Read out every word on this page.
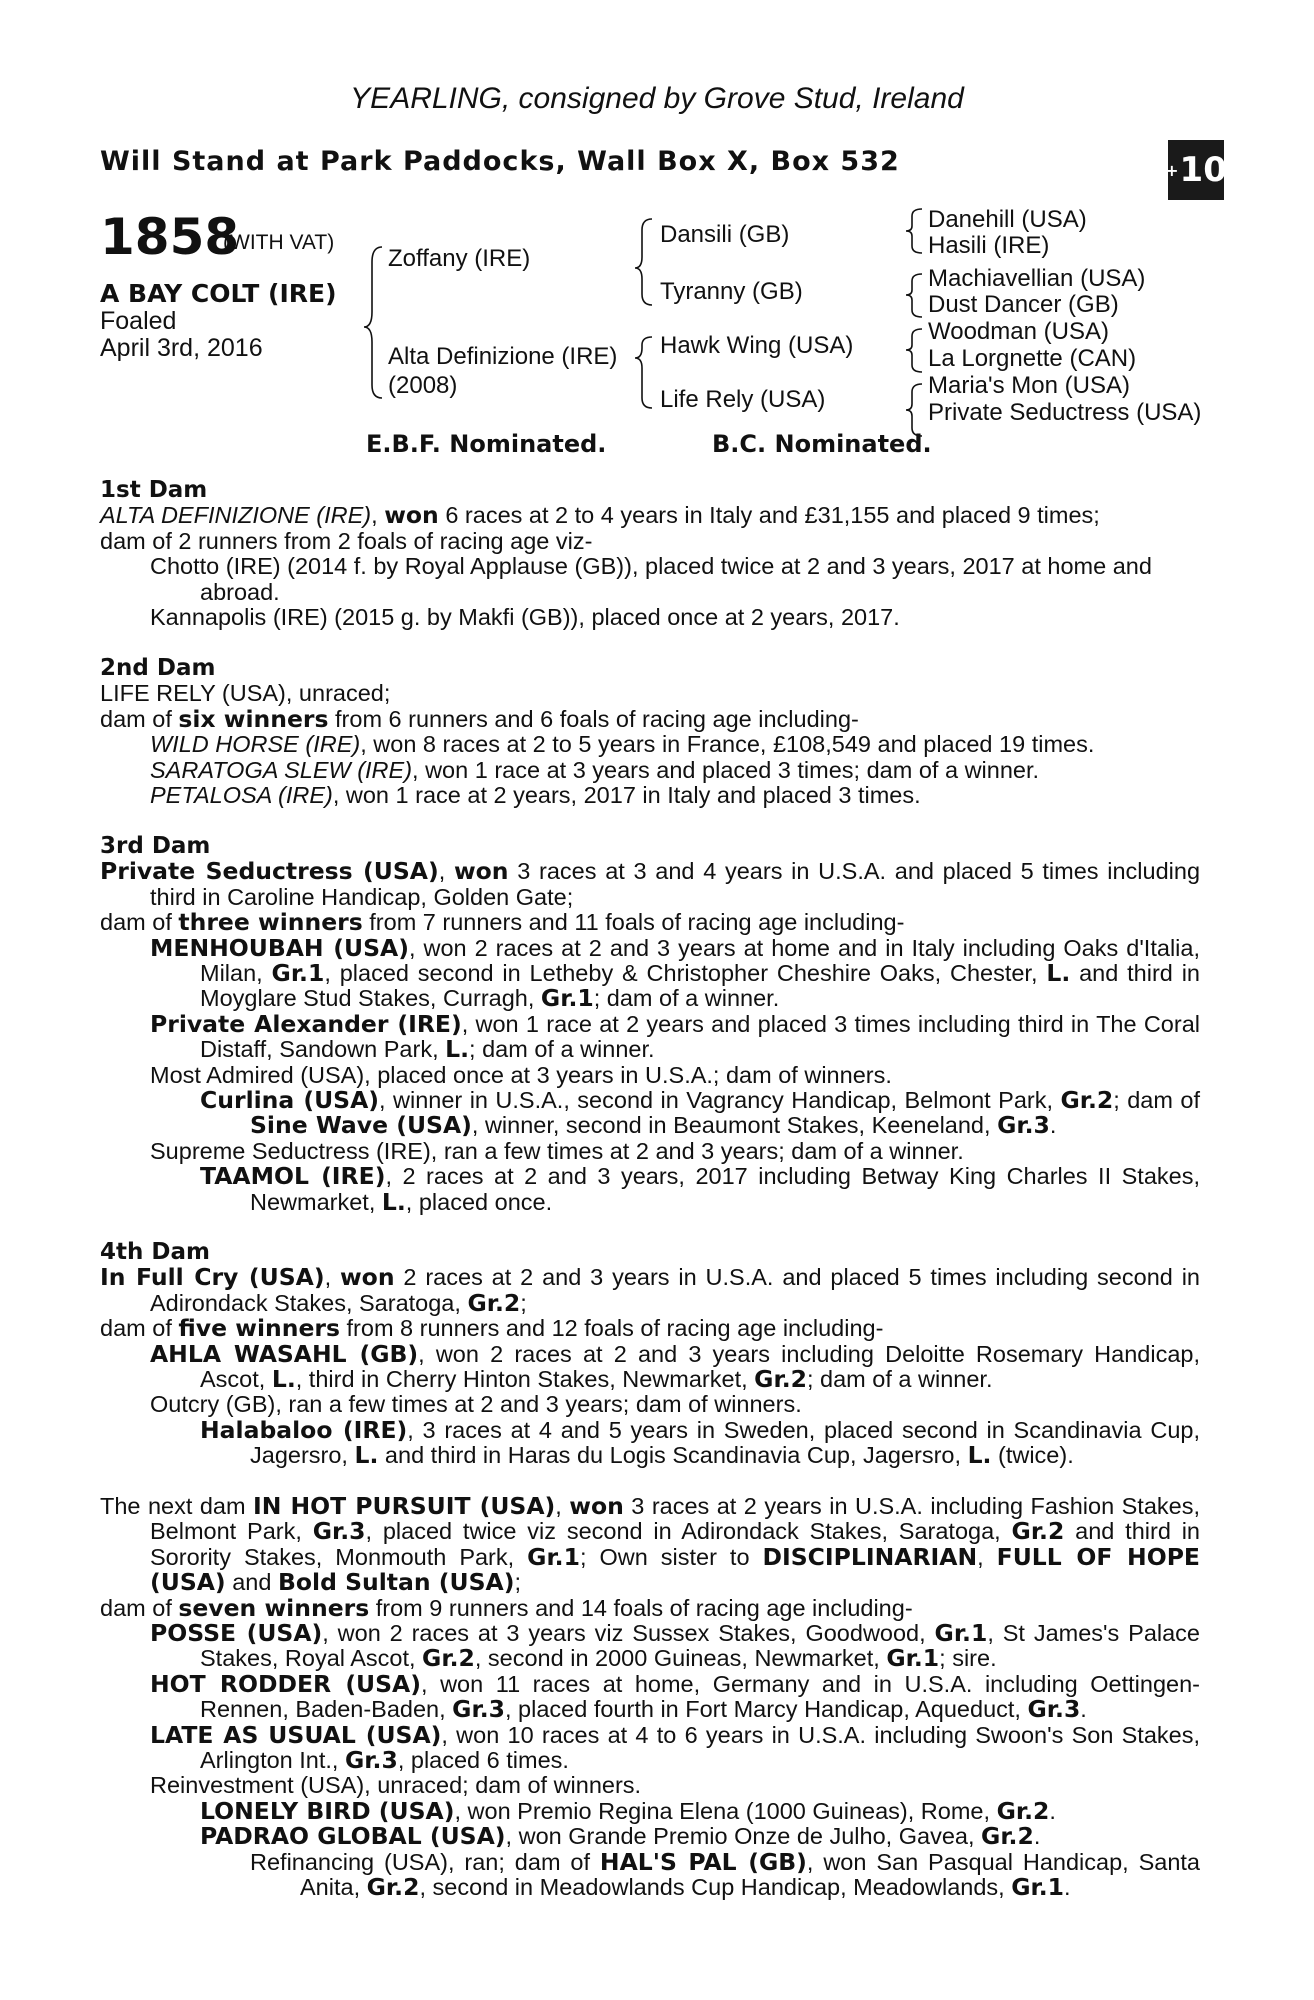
YEARLING, consigned by Grove Stud, Ireland
Will Stand at Park Paddocks, Wall Box X, Box 532	+ 10
1858
(WITH VAT)
A BAY COLT (IRE)
Foaled
April 3rd, 2016
Zoffany (IRE)
Alta Definizione (IRE)
(2008)
Dansili (GB)
Tyranny (GB)
Hawk Wing (USA)
Life Rely (USA)
Danehill (USA)
Hasili (IRE)
Machiavellian (USA)
Dust Dancer (GB)
Woodman (USA)
La Lorgnette (CAN)
Maria's Mon (USA)
Private Seductress (USA)
E.B.F. Nominated.	B.C. Nominated.

1st Dam

ALTA DEFINIZIONE (IRE), won 6 races at 2 to 4 years in Italy and £31,155 and placed 9 times;

dam of 2 runners from 2 foals of racing age viz-

Chotto (IRE) (2014 f. by Royal Applause (GB)), placed twice at 2 and 3 years, 2017 at home and abroad.

Kannapolis (IRE) (2015 g. by Makfi (GB)), placed once at 2 years, 2017.

2nd Dam

LIFE RELY (USA), unraced;

dam of six winners from 6 runners and 6 foals of racing age including-

WILD HORSE (IRE), won 8 races at 2 to 5 years in France, £108,549 and placed 19 times.

SARATOGA SLEW (IRE), won 1 race at 3 years and placed 3 times; dam of a winner.

PETALOSA (IRE), won 1 race at 2 years, 2017 in Italy and placed 3 times.

3rd Dam

Private Seductress (USA), won 3 races at 3 and 4 years in U.S.A. and placed 5 times including third in Caroline Handicap, Golden Gate;

dam of three winners from 7 runners and 11 foals of racing age including-

MENHOUBAH (USA), won 2 races at 2 and 3 years at home and in Italy including Oaks d'Italia, Milan, Gr.1, placed second in Letheby & Christopher Cheshire Oaks, Chester, L. and third in Moyglare Stud Stakes, Curragh, Gr.1; dam of a winner.

Private Alexander (IRE), won 1 race at 2 years and placed 3 times including third in The Coral Distaff, Sandown Park, L.; dam of a winner.

Most Admired (USA), placed once at 3 years in U.S.A.; dam of winners.

Curlina (USA), winner in U.S.A., second in Vagrancy Handicap, Belmont Park, Gr.2; dam of Sine Wave (USA), winner, second in Beaumont Stakes, Keeneland, Gr.3.

Supreme Seductress (IRE), ran a few times at 2 and 3 years; dam of a winner.

TAAMOL (IRE), 2 races at 2 and 3 years, 2017 including Betway King Charles II Stakes, Newmarket, L., placed once.

4th Dam

In Full Cry (USA), won 2 races at 2 and 3 years in U.S.A. and placed 5 times including second in Adirondack Stakes, Saratoga, Gr.2;

dam of five winners from 8 runners and 12 foals of racing age including-

AHLA WASAHL (GB), won 2 races at 2 and 3 years including Deloitte Rosemary Handicap, Ascot, L., third in Cherry Hinton Stakes, Newmarket, Gr.2; dam of a winner.

Outcry (GB), ran a few times at 2 and 3 years; dam of winners.

Halabaloo (IRE), 3 races at 4 and 5 years in Sweden, placed second in Scandinavia Cup, Jagersro, L. and third in Haras du Logis Scandinavia Cup, Jagersro, L. (twice).

The next dam IN HOT PURSUIT (USA), won 3 races at 2 years in U.S.A. including Fashion Stakes, Belmont Park, Gr.3, placed twice viz second in Adirondack Stakes, Saratoga, Gr.2 and third in Sorority Stakes, Monmouth Park, Gr.1; Own sister to DISCIPLINARIAN, FULL OF HOPE (USA) and Bold Sultan (USA);

dam of seven winners from 9 runners and 14 foals of racing age including-

POSSE (USA), won 2 races at 3 years viz Sussex Stakes, Goodwood, Gr.1, St James's Palace Stakes, Royal Ascot, Gr.2, second in 2000 Guineas, Newmarket, Gr.1; sire.

HOT RODDER (USA), won 11 races at home, Germany and in U.S.A. including Oettingen-Rennen, Baden-Baden, Gr.3, placed fourth in Fort Marcy Handicap, Aqueduct, Gr.3.

LATE AS USUAL (USA), won 10 races at 4 to 6 years in U.S.A. including Swoon's Son Stakes, Arlington Int., Gr.3, placed 6 times.

Reinvestment (USA), unraced; dam of winners.

LONELY BIRD (USA), won Premio Regina Elena (1000 Guineas), Rome, Gr.2.

PADRAO GLOBAL (USA), won Grande Premio Onze de Julho, Gavea, Gr.2.

Refinancing (USA), ran; dam of HAL'S PAL (GB), won San Pasqual Handicap, Santa Anita, Gr.2, second in Meadowlands Cup Handicap, Meadowlands, Gr.1.
